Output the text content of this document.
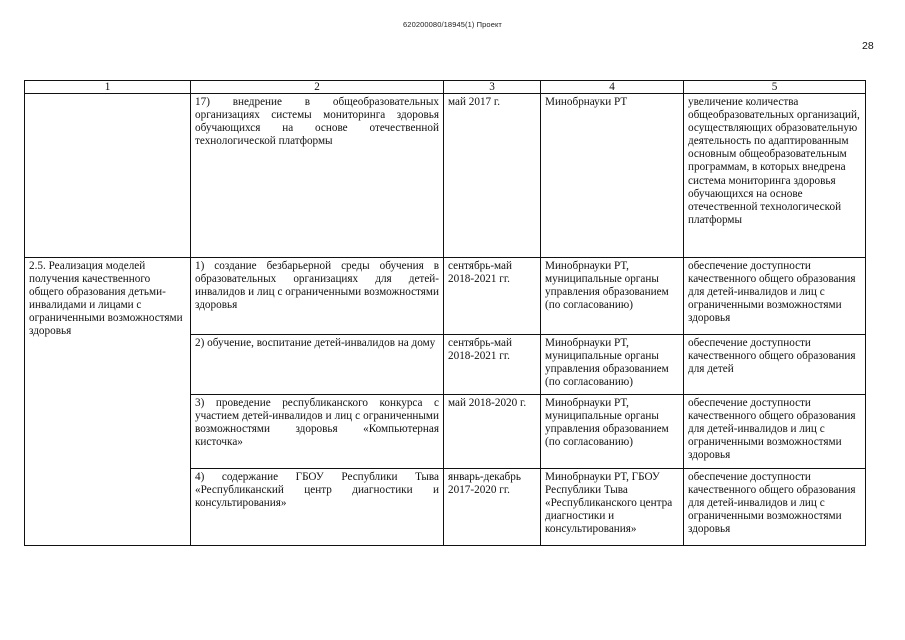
620200080/18945(1) Проект
28
1	2	3	4	5

	17) внедрение в общеобразовательных организациях системы мониторинга здоровья обучающихся на основе отечественной технологической платформы	май 2017 г.	Минобрнауки РТ	увеличение количества общеобразовательных организаций, осуществляющих образовательную деятельность по адаптированным основным общеобразовательным программам, в которых внедрена система мониторинга здоровья обучающихся на основе отечественной технологической платформы
2.5. Реализация моделей получения качественного общего образования детьми-инвалидами и лицами с ограниченными возможностями здоровья	1) создание безбарьерной среды обучения в образовательных организациях для детей-инвалидов и лиц с ограниченными возможностями здоровья	сентябрь-май 2018-2021 гг.	Минобрнауки РТ, муниципальные органы управления образованием (по согласованию)	обеспечение доступности качественного общего образования для детей-инвалидов и лиц с ограниченными возможностями здоровья

	2) обучение, воспитание детей-инвалидов на дому	сентябрь-май 2018-2021 гг.	Минобрнауки РТ, муниципальные органы управления образованием (по согласованию)	обеспечение доступности качественного общего образования для детей

	3) проведение республиканского конкурса с участием детей-инвалидов и лиц с ограниченными возможностями здоровья «Компьютерная кисточка»	май 2018-2020 г.	Минобрнауки РТ, муниципальные органы управления образованием (по согласованию)	обеспечение доступности качественного общего образования для детей-инвалидов и лиц с ограниченными возможностями здоровья

	4) содержание ГБОУ Республики Тыва «Республиканский центр диагностики и консультирования»	январь-декабрь 2017-2020 гг.	Минобрнауки РТ, ГБОУ Республики Тыва «Республиканского центра диагностики и консультирования»	обеспечение доступности качественного общего образования для детей-инвалидов и лиц с ограниченными возможностями здоровья
